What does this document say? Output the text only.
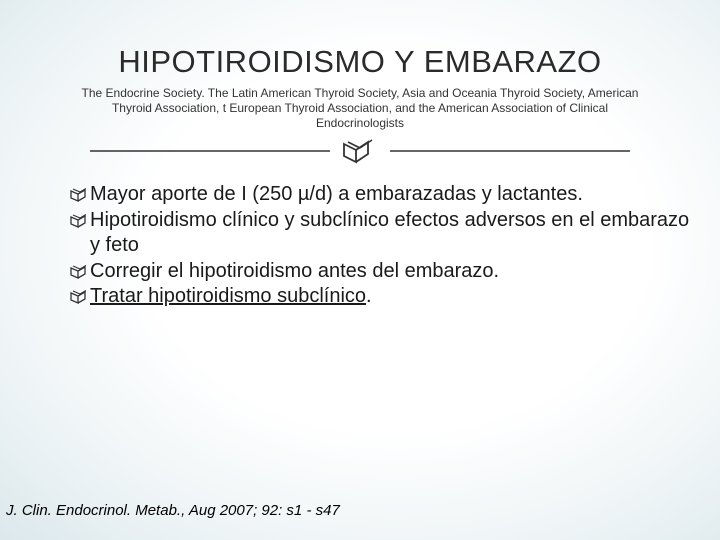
HIPOTIROIDISMO Y EMBARAZO
The Endocrine Society. The Latin American Thyroid Society, Asia and Oceania Thyroid Society, American Thyroid Association, t European Thyroid Association, and the American Association of Clinical Endocrinologists
Mayor aporte de I (250 µ/d) a embarazadas y lactantes.
Hipotiroidismo clínico y subclínico efectos adversos en el embarazo y feto
Corregir el hipotiroidismo antes del embarazo.
Tratar hipotiroidismo subclínico.
J. Clin. Endocrinol. Metab., Aug 2007; 92: s1 - s47
